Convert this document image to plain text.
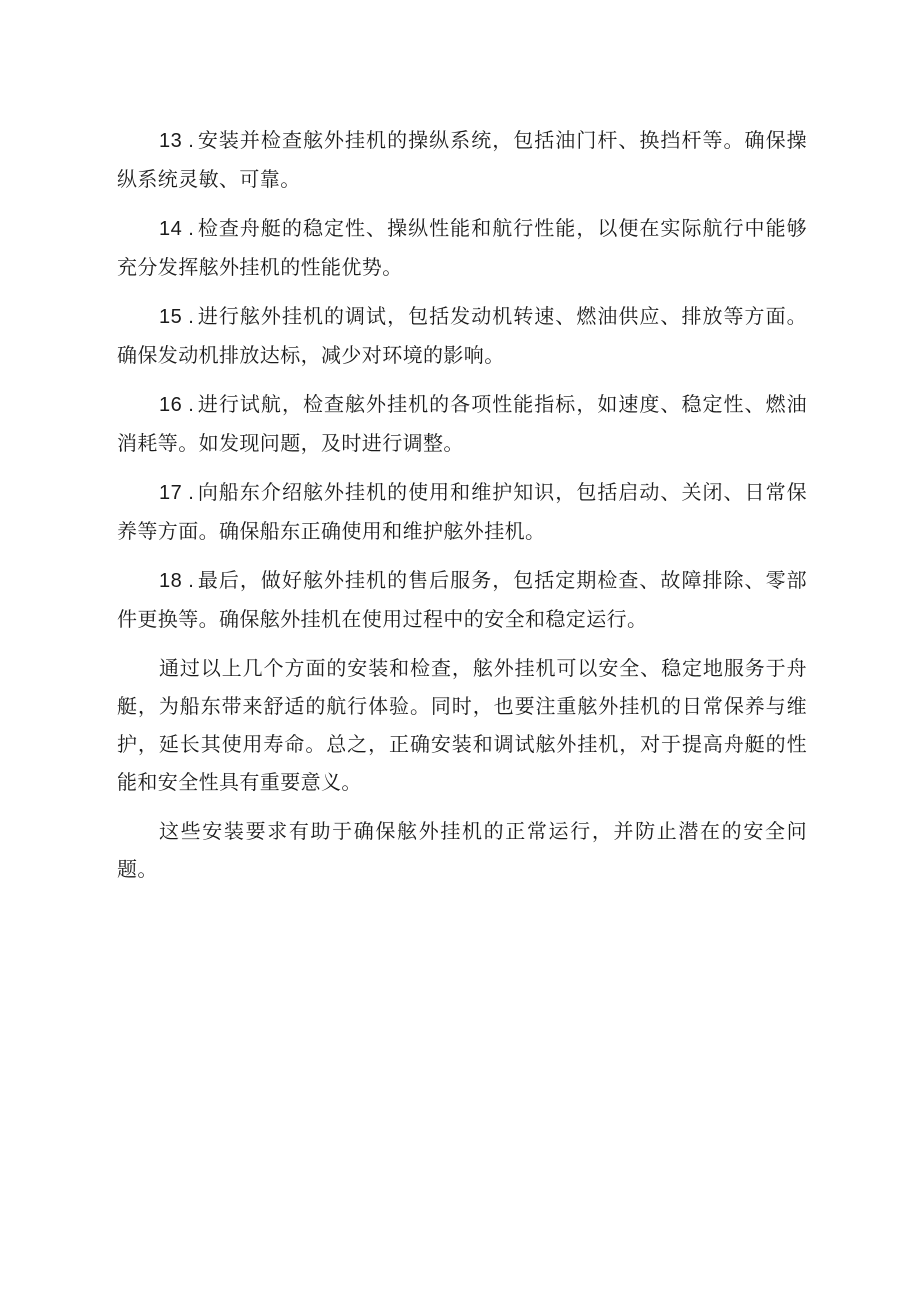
13 . 安装并检查舷外挂机的操纵系统，包括油门杆、换挡杆等。确保操纵系统灵敏、可靠。

14 . 检查舟艇的稳定性、操纵性能和航行性能，以便在实际航行中能够充分发挥舷外挂机的性能优势。

15 . 进行舷外挂机的调试，包括发动机转速、燃油供应、排放等方面。确保发动机排放达标，减少对环境的影响。

16 . 进行试航，检查舷外挂机的各项性能指标，如速度、稳定性、燃油消耗等。如发现问题，及时进行调整。

17 . 向船东介绍舷外挂机的使用和维护知识，包括启动、关闭、日常保养等方面。确保船东正确使用和维护舷外挂机。

18 . 最后，做好舷外挂机的售后服务，包括定期检查、故障排除、零部件更换等。确保舷外挂机在使用过程中的安全和稳定运行。

通过以上几个方面的安装和检查，舷外挂机可以安全、稳定地服务于舟艇，为船东带来舒适的航行体验。同时，也要注重舷外挂机的日常保养与维护，延长其使用寿命。总之，正确安装和调试舷外挂机，对于提高舟艇的性能和安全性具有重要意义。

这些安装要求有助于确保舷外挂机的正常运行，并防止潜在的安全问题。
